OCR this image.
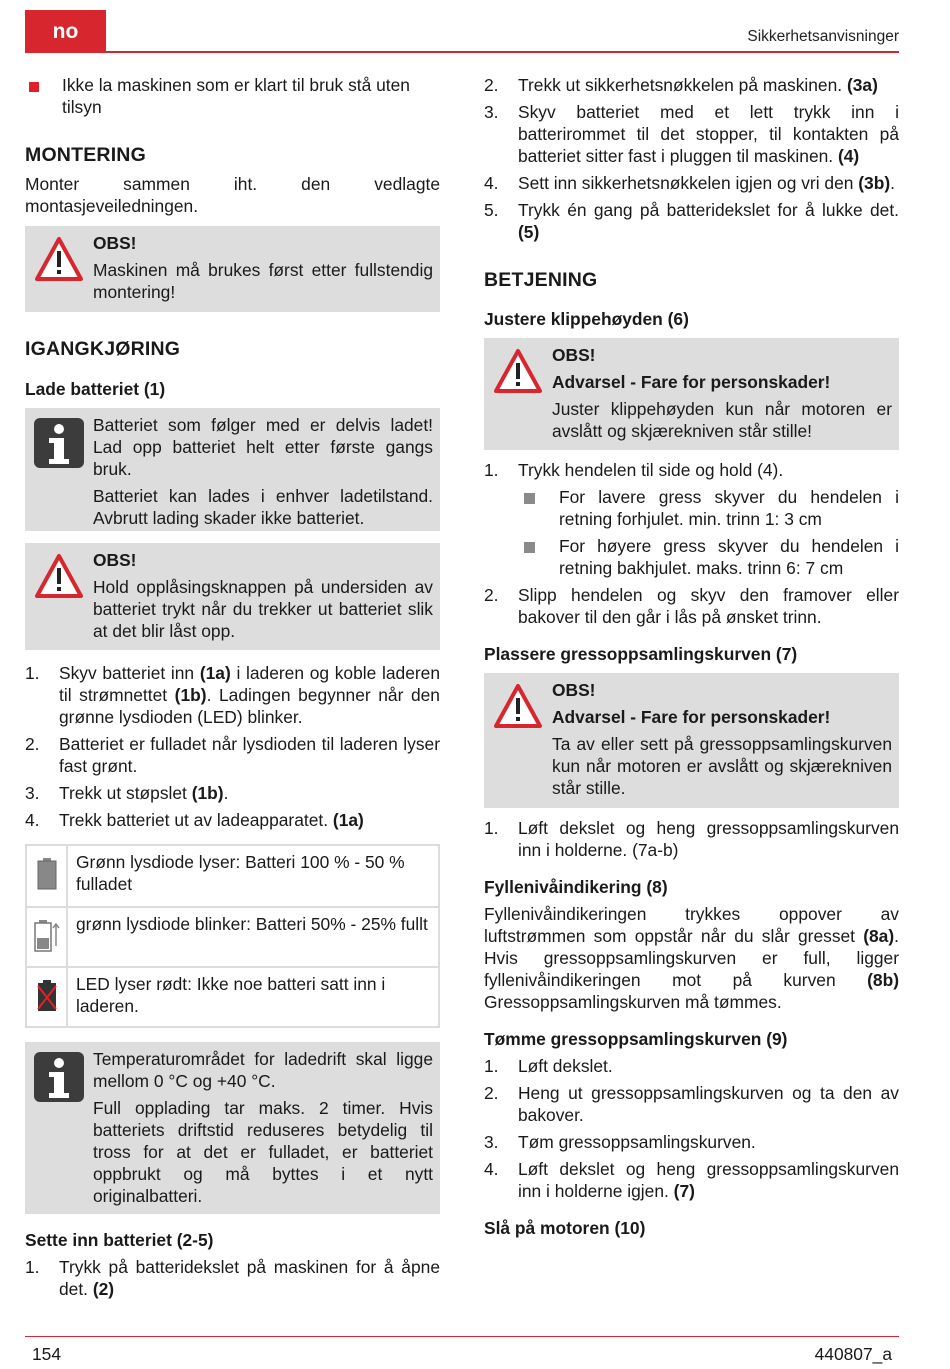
no	Sikkerhetsanvisninger

Ikke la maskinen som er klart til bruk stå uten tilsyn

MONTERING

Monter sammen iht. den vedlagte montasjeveiledningen.

OBS!

Maskinen må brukes først etter fullstendig montering!

IGANGKJØRING
Lade batteriet (1)

Batteriet som følger med er delvis ladet! Lad opp batteriet helt etter første gangs bruk.

Batteriet kan lades i enhver ladetilstand. Avbrutt lading skader ikke batteriet.

OBS!

Hold opplåsingsknappen på undersiden av batteriet trykt når du trekker ut batteriet slik at det blir låst opp.

1. Skyv batteriet inn (1a) i laderen og koble laderen til strømnettet (1b). Ladingen begynner når den grønne lysdioden (LED) blinker.

2. Batteriet er fulladet når lysdioden til laderen lyser fast grønt.

3. Trekk ut støpslet (1b).

4. Trekk batteriet ut av ladeapparatet. (1a)

Grønn lysdiode lyser: Batteri 100 % - 50 % fulladet
grønn lysdiode blinker: Batteri 50% - 25% fullt
LED lyser rødt: Ikke noe batteri satt inn i laderen.

Temperaturområdet for ladedrift skal ligge mellom 0 °C og +40 °C.

Full opplading tar maks. 2 timer. Hvis batteriets driftstid reduseres betydelig til tross for at det er fulladet, er batteriet oppbrukt og må byttes i et nytt originalbatteri.

Sette inn batteriet (2-5)

1. Trykk på batteridekslet på maskinen for å åpne det. (2)

2. Trekk ut sikkerhetsnøkkelen på maskinen. (3a)

3. Skyv batteriet med et lett trykk inn i batterirommet til det stopper, til kontakten på batteriet sitter fast i pluggen til maskinen. (4)

4. Sett inn sikkerhetsnøkkelen igjen og vri den (3b).

5. Trykk én gang på batteridekslet for å lukke det. (5)

BETJENING
Justere klippehøyden (6)
OBS!
Advarsel - Fare for personskader!

Juster klippehøyden kun når motoren er avslått og skjærekniven står stille!

1. Trykk hendelen til side og hold (4).

For lavere gress skyver du hendelen i retning forhjulet. min. trinn 1: 3 cm

For høyere gress skyver du hendelen i retning bakhjulet. maks. trinn 6: 7 cm

2. Slipp hendelen og skyv den framover eller bakover til den går i lås på ønsket trinn.

Plassere gressoppsamlingskurven (7)
OBS!
Advarsel - Fare for personskader!

Ta av eller sett på gressoppsamlingskurven kun når motoren er avslått og skjærekniven står stille.

1. Løft dekslet og heng gressoppsamlingskurven inn i holderne. (7a-b)

Fyllenivåindikering (8)

Fyllenivåindikeringen trykkes oppover av luftstrømmen som oppstår når du slår gresset (8a). Hvis gressoppsamlingskurven er full, ligger fyllenivåindikeringen mot på kurven (8b) Gressoppsamlingskurven må tømmes.

Tømme gressoppsamlingskurven (9)

1. Løft dekslet.

2. Heng ut gressoppsamlingskurven og ta den av bakover.

3. Tøm gressoppsamlingskurven.

4. Løft dekslet og heng gressoppsamlingskurven inn i holderne igjen. (7)

Slå på motoren (10)
154	440807_a
